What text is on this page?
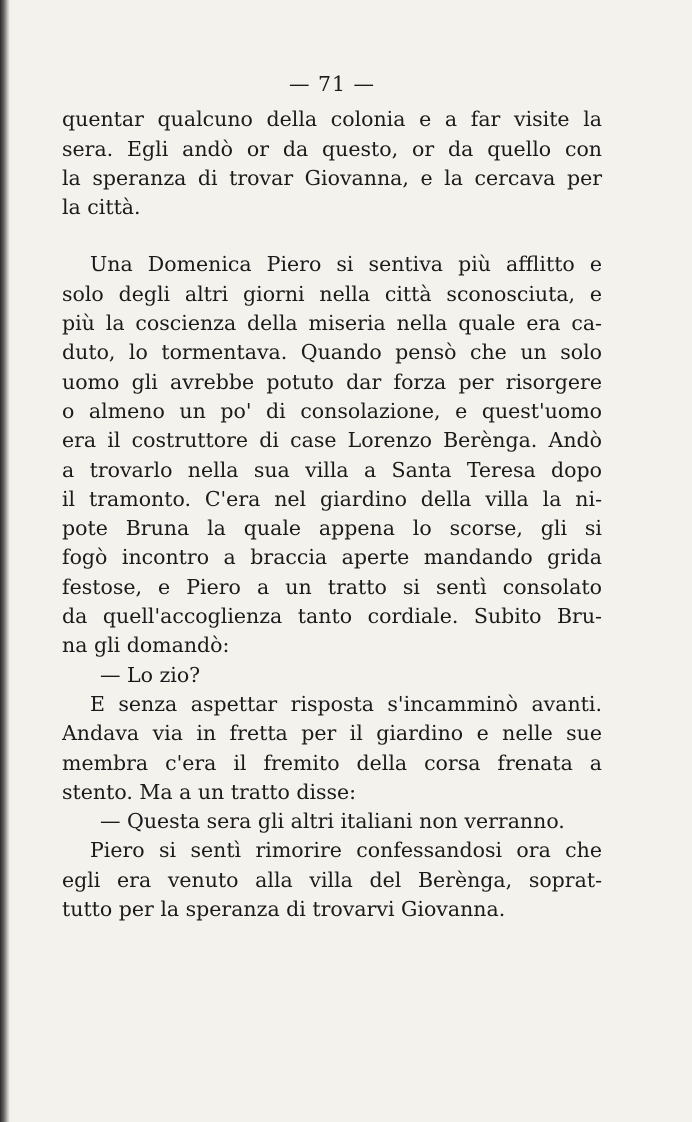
— 71 —
quentar qualcuno della colonia e a far visite la
sera. Egli andò or da questo, or da quello con
la speranza di trovar Giovanna, e la cercava per
la città.
Una Domenica Piero si sentiva più afflitto e
solo degli altri giorni nella città sconosciuta, e
più la coscienza della miseria nella quale era ca-
duto, lo tormentava. Quando pensò che un solo
uomo gli avrebbe potuto dar forza per risorgere
o almeno un po' di consolazione, e quest'uomo
era il costruttore di case Lorenzo Berènga. Andò
a trovarlo nella sua villa a Santa Teresa dopo
il tramonto. C'era nel giardino della villa la ni-
pote Bruna la quale appena lo scorse, gli si
fogò incontro a braccia aperte mandando grida
festose, e Piero a un tratto si sentì consolato
da quell'accoglienza tanto cordiale. Subito Bru-
na gli domandò:
— Lo zio?
E senza aspettar risposta s'incamminò avanti.
Andava via in fretta per il giardino e nelle sue
membra c'era il fremito della corsa frenata a
stento. Ma a un tratto disse:
— Questa sera gli altri italiani non verranno.
Piero si sentì rimorire confessandosi ora che
egli era venuto alla villa del Berènga, soprat-
tutto per la speranza di trovarvi Giovanna.
